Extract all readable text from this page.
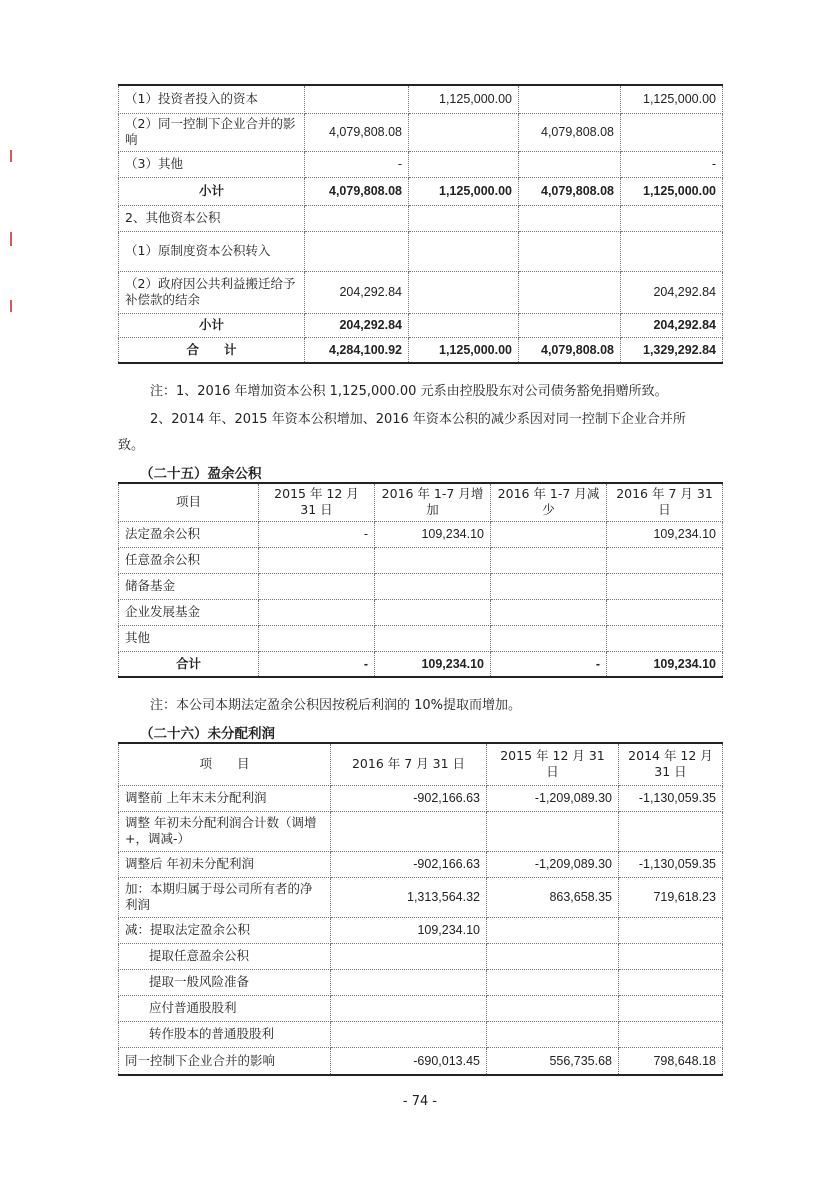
（1）投资者投入的资本		1,125,000.00		1,125,000.00
（2）同一控制下企业合并的影响	4,079,808.08		4,079,808.08	
（3）其他	-			-
小计	4,079,808.08	1,125,000.00	4,079,808.08	1,125,000.00
2、其他资本公积				
（1）原制度资本公积转入				
（2）政府因公共利益搬迁给予补偿款的结余	204,292.84			204,292.84
小计	204,292.84			204,292.84
合　　计	4,284,100.92	1,125,000.00	4,079,808.08	1,329,292.84
注：1、2016 年增加资本公积 1,125,000.00 元系由控股股东对公司债务豁免捐赠所致。
2、2014 年、2015 年资本公积增加、2016 年资本公积的减少系因对同一控制下企业合并所
致。
（二十五）盈余公积
项目	2015 年 12 月 31 日	2016 年 1-7 月增加	2016 年 1-7 月减少	2016 年 7 月 31 日
法定盈余公积	-	109,234.10		109,234.10
任意盈余公积				
储备基金				
企业发展基金				
其他				
合计	-	109,234.10	-	109,234.10
注：本公司本期法定盈余公积因按税后利润的 10%提取而增加。
（二十六）未分配利润
项　　目	2016 年 7 月 31 日	2015 年 12 月 31 日	2014 年 12 月 31 日
调整前 上年末未分配利润	-902,166.63	-1,209,089.30	-1,130,059.35
调整 年初未分配利润合计数（调增+，调减-）			
调整后 年初未分配利润	-902,166.63	-1,209,089.30	-1,130,059.35
加：本期归属于母公司所有者的净利润	1,313,564.32	863,658.35	719,618.23
减：提取法定盈余公积	109,234.10		
提取任意盈余公积			
提取一般风险准备			
应付普通股股利			
转作股本的普通股股利			
同一控制下企业合并的影响	-690,013.45	556,735.68	798,648.18
- 74 -
